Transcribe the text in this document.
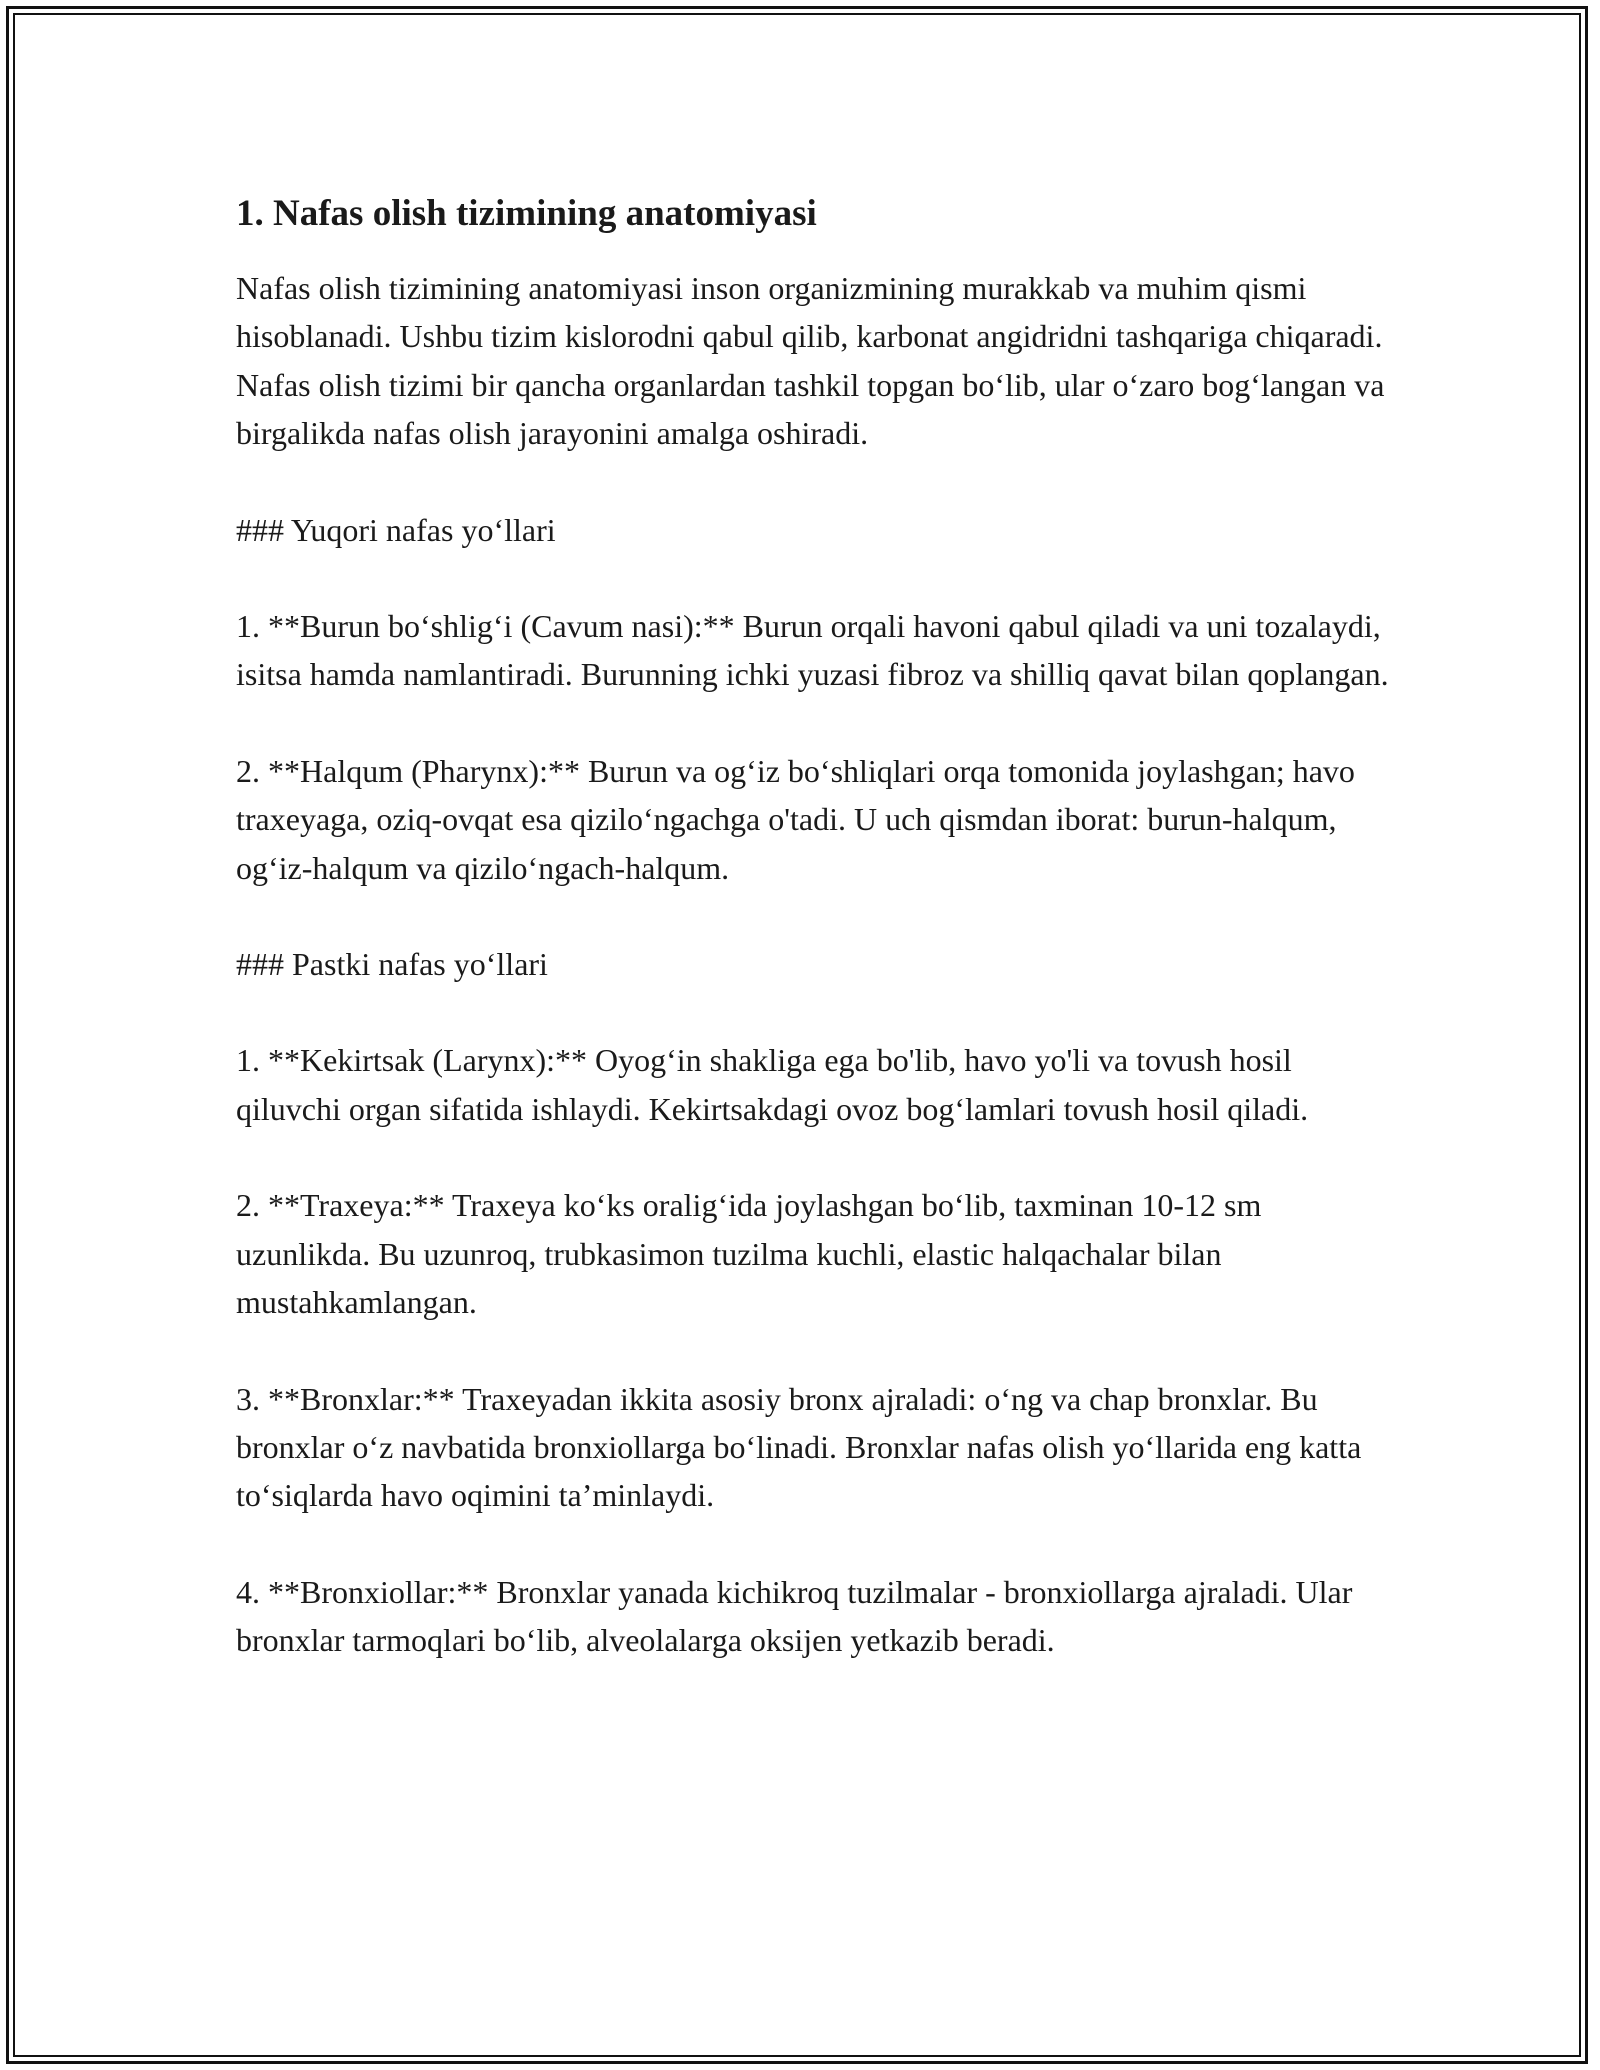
1. Nafas olish tizimining anatomiyasi

Nafas olish tizimining anatomiyasi inson organizmining murakkab va muhim qismi hisoblanadi. Ushbu tizim kislorodni qabul qilib, karbonat angidridni tashqariga chiqaradi. Nafas olish tizimi bir qancha organlardan tashkil topgan bo‘lib, ular o‘zaro bog‘langan va birgalikda nafas olish jarayonini amalga oshiradi.

### Yuqori nafas yo‘llari

1. **Burun bo‘shlig‘i (Cavum nasi):** Burun orqali havoni qabul qiladi va uni tozalaydi, isitsa hamda namlantiradi. Burunning ichki yuzasi fibroz va shilliq qavat bilan qoplangan.

2. **Halqum (Pharynx):** Burun va og‘iz bo‘shliqlari orqa tomonida joylashgan; havo traxeyaga, oziq-ovqat esa qizilo‘ngachga o'tadi. U uch qismdan iborat: burun-halqum, og‘iz-halqum va qizilo‘ngach-halqum.

### Pastki nafas yo‘llari

1. **Kekirtsak (Larynx):** Oyog‘in shakliga ega bo'lib, havo yo'li va tovush hosil qiluvchi organ sifatida ishlaydi. Kekirtsakdagi ovoz bog‘lamlari tovush hosil qiladi.

2. **Traxeya:** Traxeya ko‘ks oralig‘ida joylashgan bo‘lib, taxminan 10-12 sm uzunlikda. Bu uzunroq, trubkasimon tuzilma kuchli, elastic halqachalar bilan mustahkamlangan.

3. **Bronxlar:** Traxeyadan ikkita asosiy bronx ajraladi: o‘ng va chap bronxlar. Bu bronxlar o‘z navbatida bronxiollarga bo‘linadi. Bronxlar nafas olish yo‘llarida eng katta to‘siqlarda havo oqimini ta’minlaydi.

4. **Bronxiollar:** Bronxlar yanada kichikroq tuzilmalar - bronxiollarga ajraladi. Ular bronxlar tarmoqlari bo‘lib, alveolalarga oksijen yetkazib beradi.
